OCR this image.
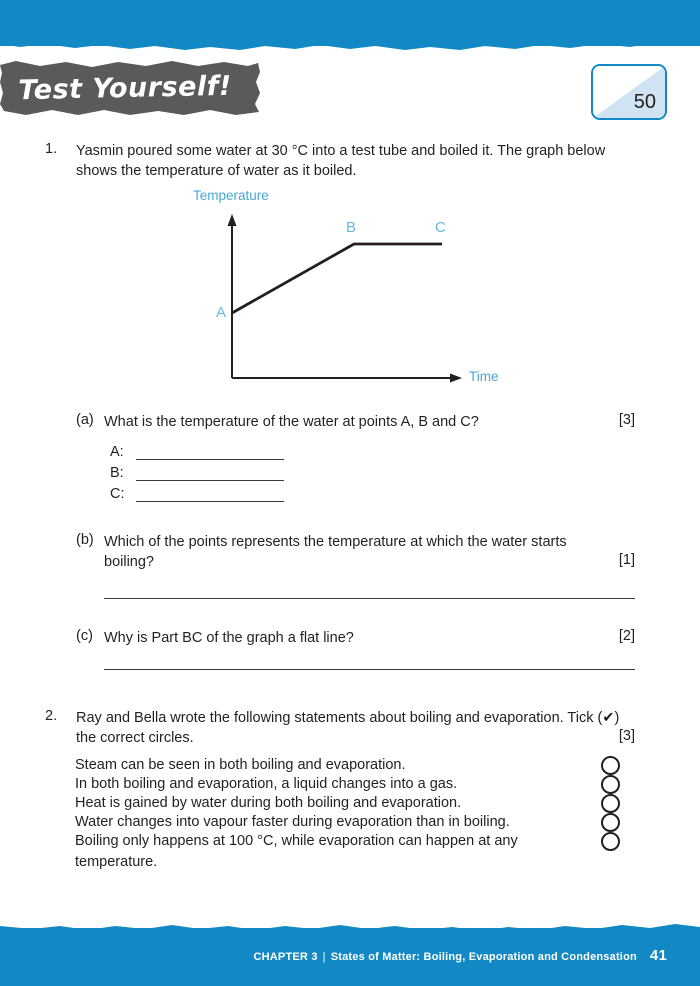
Test Yourself!	50
1. Yasmin poured some water at 30 °C into a test tube and boiled it. The graph below shows the temperature of water as it boiled.
Temperature
Time
A
B	C
(a) What is the temperature of the water at points A, B and C?	[3]
A:
B:
C:
(b) Which of the points represents the temperature at which the water starts boiling?	[1]
(c) Why is Part BC of the graph a flat line?	[2]
2. Ray and Bella wrote the following statements about boiling and evaporation. Tick (✔) the correct circles.	[3]
Steam can be seen in both boiling and evaporation.
In both boiling and evaporation, a liquid changes into a gas.
Heat is gained by water during both boiling and evaporation.
Water changes into vapour faster during evaporation than in boiling.
Boiling only happens at 100 °C, while evaporation can happen at any temperature.
CHAPTER 3 | States of Matter: Boiling, Evaporation and Condensation 41
